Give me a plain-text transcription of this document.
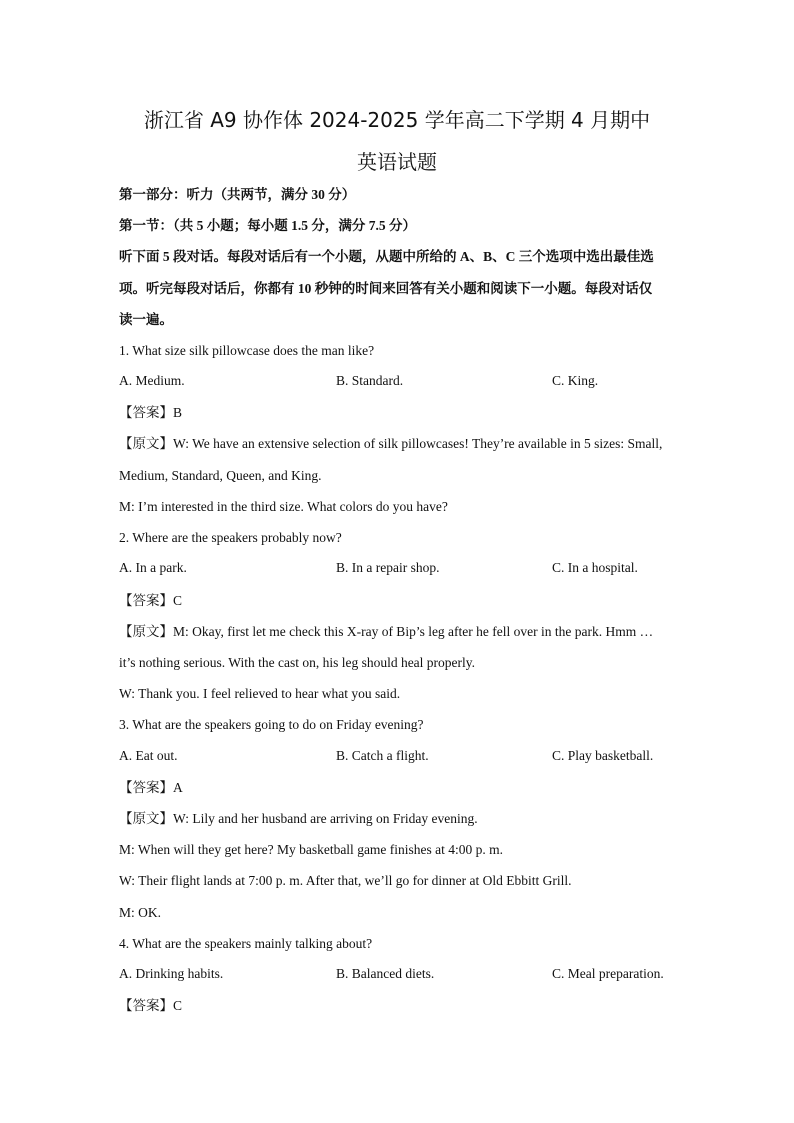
浙江省 A9 协作体 2024-2025 学年高二下学期 4 月期中
英语试题
第一部分：听力（共两节，满分 30 分）
第一节：（共 5 小题；每小题 1.5 分，满分 7.5 分）
听下面 5 段对话。每段对话后有一个小题，从题中所给的 A、B、C 三个选项中选出最佳选
项。听完每段对话后，你都有 10 秒钟的时间来回答有关小题和阅读下一小题。每段对话仅
读一遍。
1. What size silk pillowcase does the man like?
A. Medium.	B. Standard.	C. King.
【答案】B
【原文】W: We have an extensive selection of silk pillowcases! They’re available in 5 sizes: Small,
Medium, Standard, Queen, and King.
M: I’m interested in the third size. What colors do you have?
2. Where are the speakers probably now?
A. In a park.	B. In a repair shop.	C. In a hospital.
【答案】C
【原文】M: Okay, first let me check this X-ray of Bip’s leg after he fell over in the park. Hmm …
it’s nothing serious. With the cast on, his leg should heal properly.
W: Thank you. I feel relieved to hear what you said.
3. What are the speakers going to do on Friday evening?
A. Eat out.	B. Catch a flight.	C. Play basketball.
【答案】A
【原文】W: Lily and her husband are arriving on Friday evening.
M: When will they get here? My basketball game finishes at 4:00 p. m.
W: Their flight lands at 7:00 p. m. After that, we’ll go for dinner at Old Ebbitt Grill.
M: OK.
4. What are the speakers mainly talking about?
A. Drinking habits.	B. Balanced diets.	C. Meal preparation.
【答案】C
